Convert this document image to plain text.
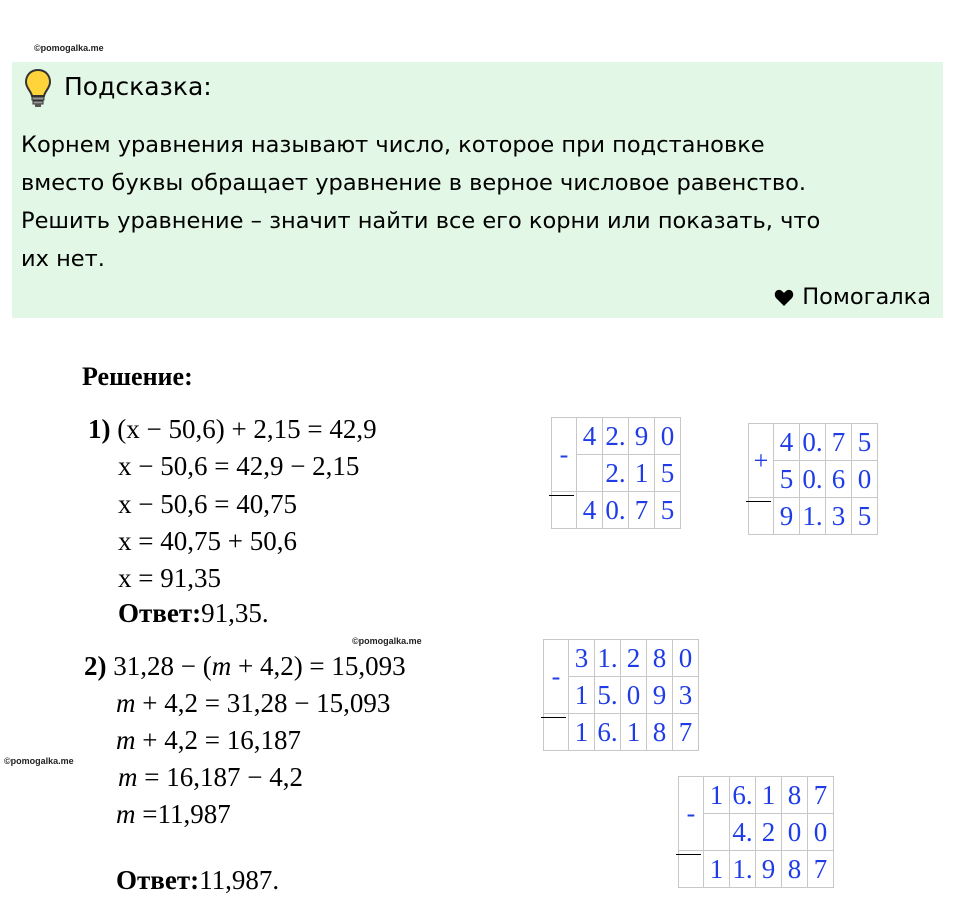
©pomogalka.me
Подсказка:
Корнем уравнения называют число, которое при подстановке
вместо буквы обращает уравнение в верное числовое равенство.
Решить уравнение – значит найти все его корни или показать, что
их нет.
Помогалка
Решение:
1) (x − 50,6) + 2,15 = 42,9
x − 50,6 = 42,9 − 2,15
x − 50,6 = 40,75
x = 40,75 + 50,6
x = 91,35
Ответ:91,35.
©pomogalka.me
2) 31,28 − (m + 4,2) = 15,093
m + 4,2 = 31,28 − 15,093
m + 4,2 = 16,187
m = 16,187 − 4,2
m =11,987
Ответ:11,987.
©pomogalka.me
-	4	2.	9	0
		2.	1	5
	4	0.	7	5
+	4	0.	7	5
	5	0.	6	0
	9	1.	3	5
-	3	1.	2	8	0
	1	5.	0	9	3
	1	6.	1	8	7
-	1	6.	1	8	7
		4.	2	0	0
	1	1.	9	8	7
